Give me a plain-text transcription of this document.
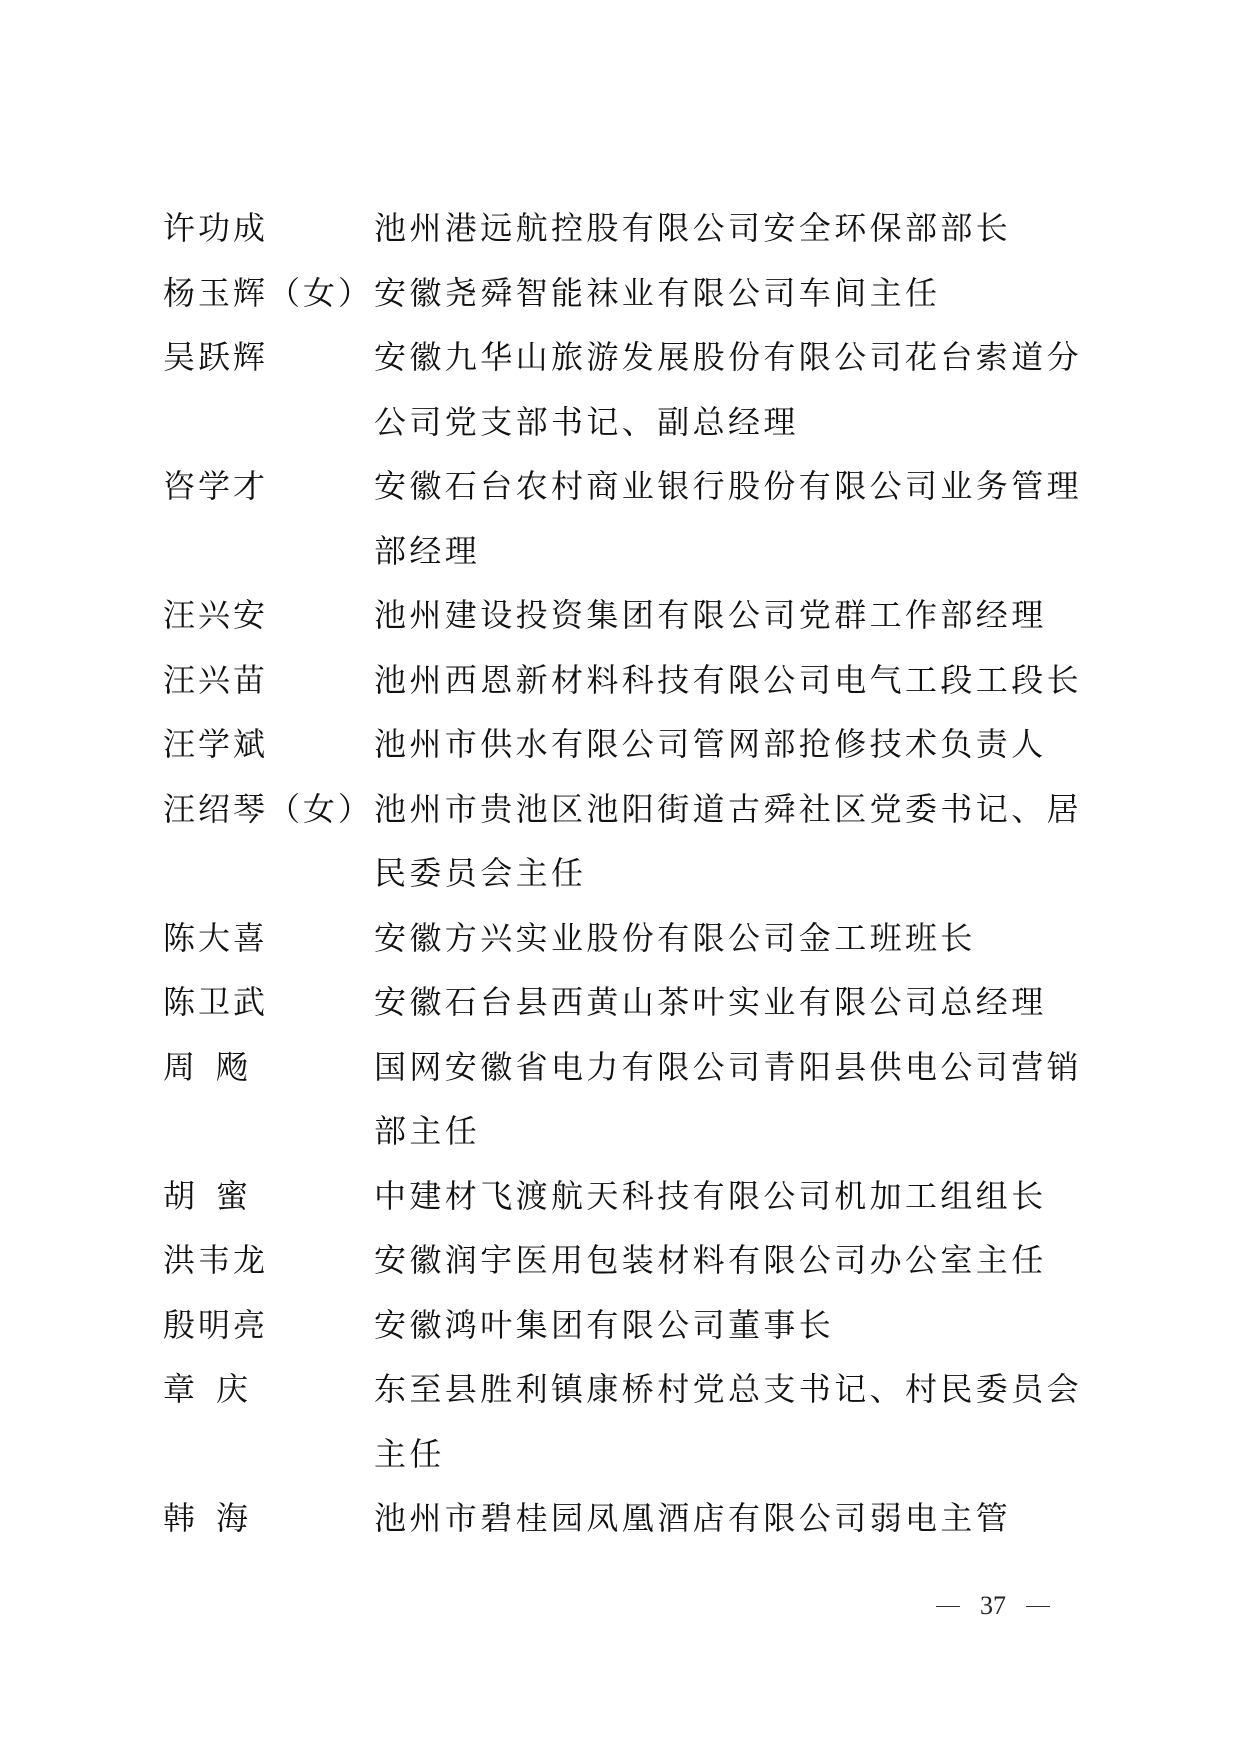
许功成	池州港远航控股有限公司安全环保部部长
杨玉辉（女） 安徽尧舜智能袜业有限公司车间主任
吴跃辉	安徽九华山旅游发展股份有限公司花台索道分公司党支部书记、副总经理
咨学才	安徽石台农村商业银行股份有限公司业务管理部经理
汪兴安	池州建设投资集团有限公司党群工作部经理
汪兴苗	池州西恩新材料科技有限公司电气工段工段长
汪学斌	池州市供水有限公司管网部抢修技术负责人
汪绍琴（女） 池州市贵池区池阳街道古舜社区党委书记、居民委员会主任
陈大喜	安徽方兴实业股份有限公司金工班班长
陈卫武	安徽石台县西黄山茶叶实业有限公司总经理
周飏	国网安徽省电力有限公司青阳县供电公司营销部主任
胡蜜	中建材飞渡航天科技有限公司机加工组组长
洪韦龙	安徽润宇医用包装材料有限公司办公室主任
殷明亮	安徽鸿叶集团有限公司董事长
章庆	东至县胜利镇康桥村党总支书记、村民委员会主任
韩海	池州市碧桂园凤凰酒店有限公司弱电主管
37
